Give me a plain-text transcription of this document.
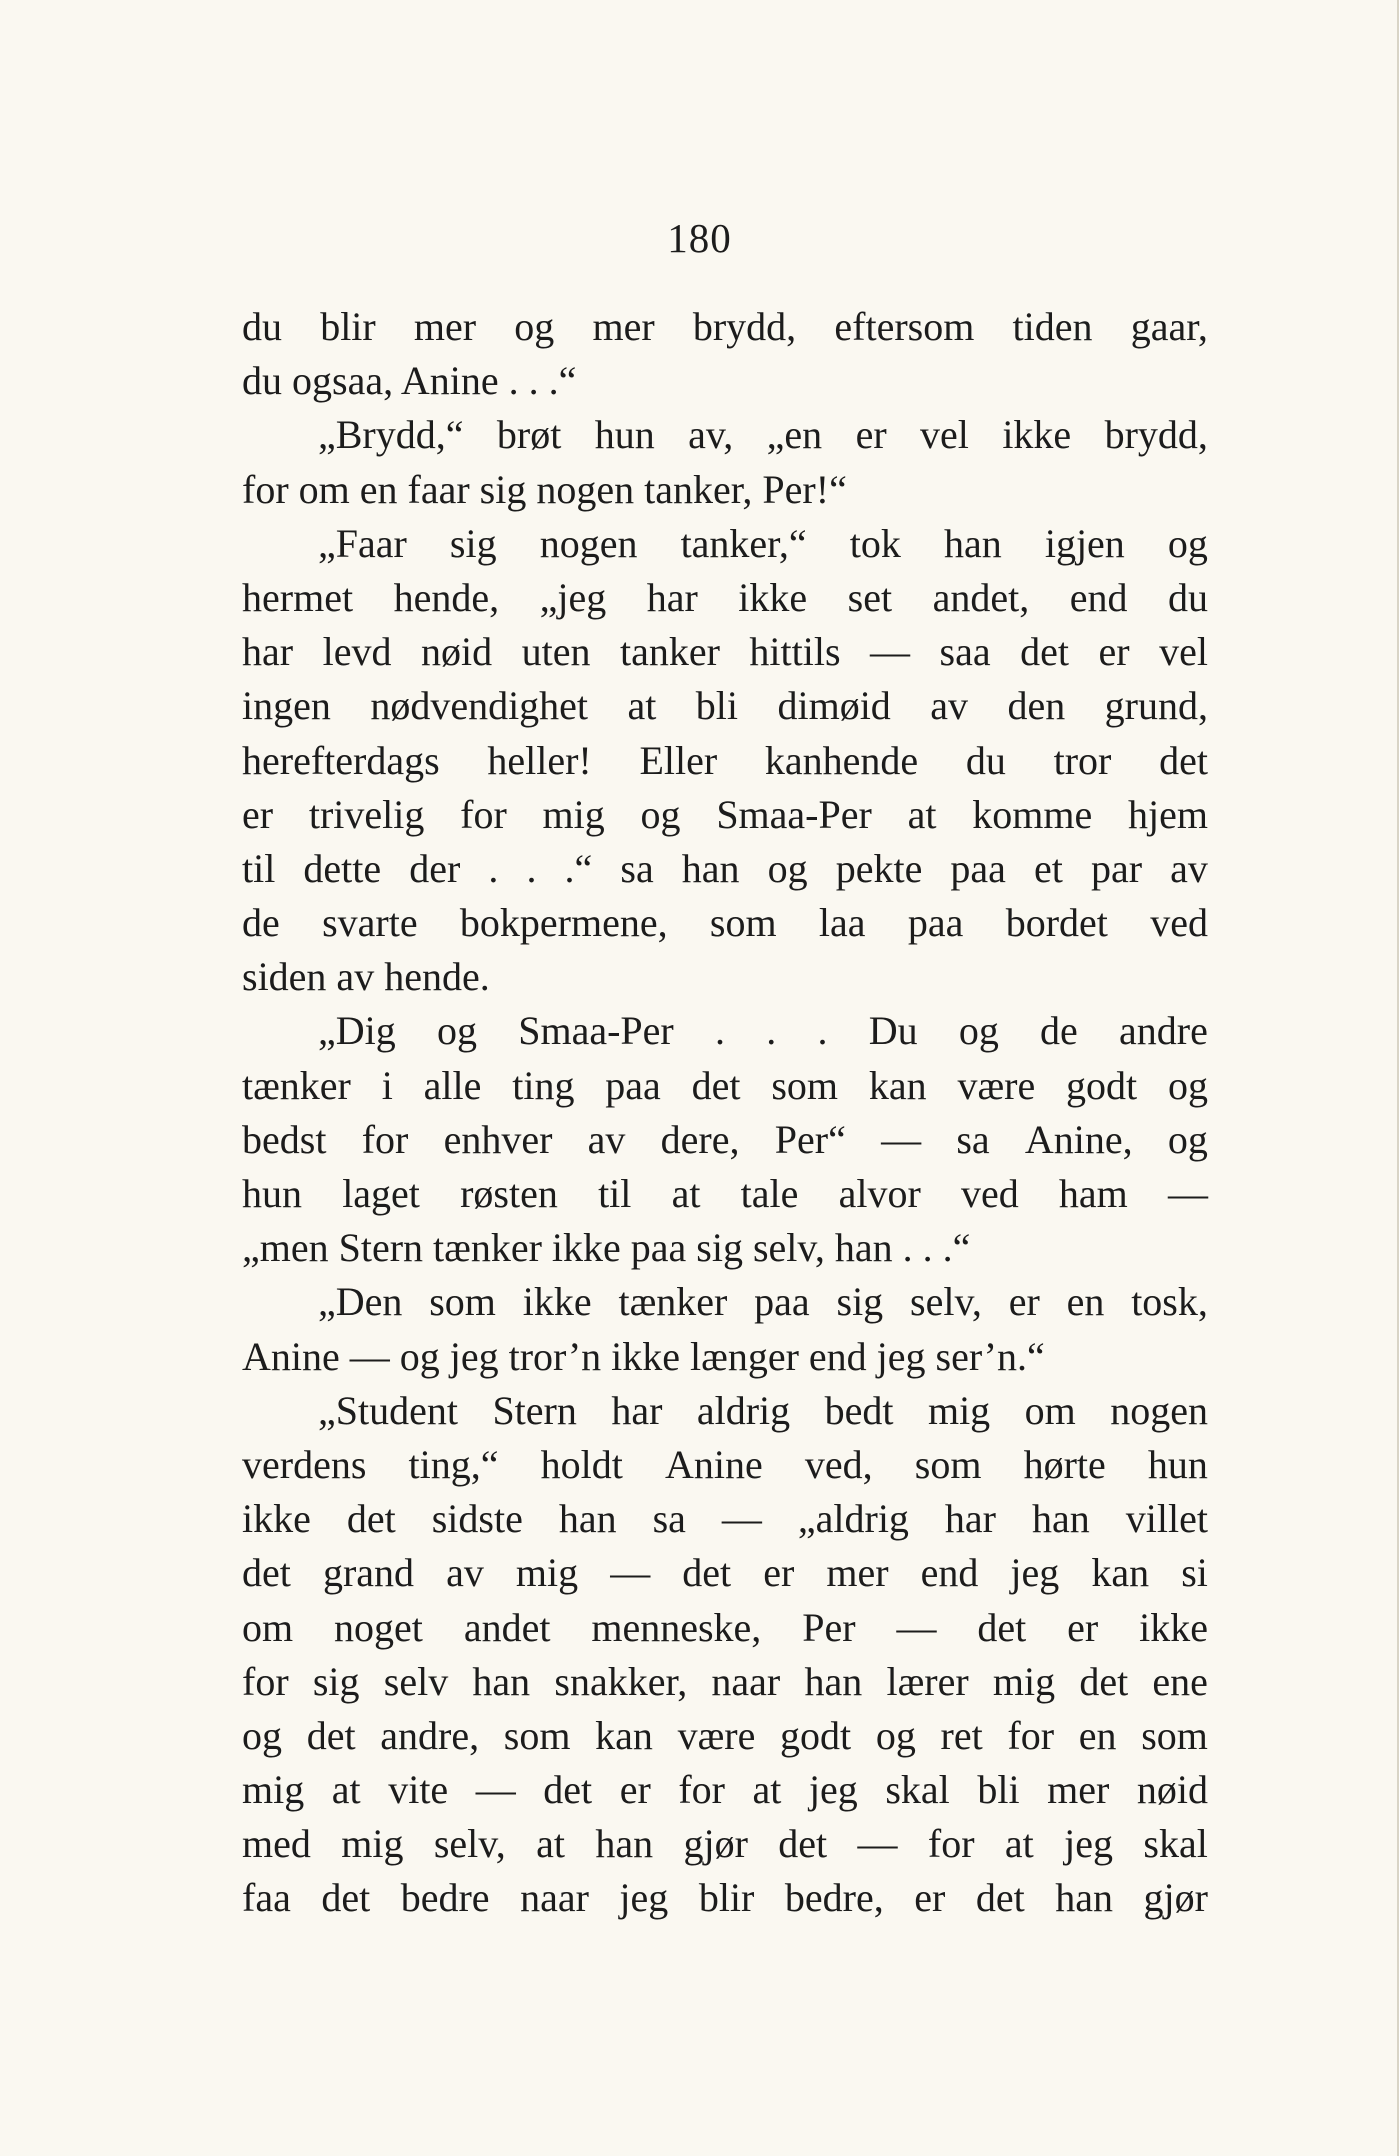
180
du blir mer og mer brydd, eftersom tiden gaar,
du ogsaa, Anine . . .“
„Brydd,“ brøt hun av, „en er vel ikke brydd,
for om en faar sig nogen tanker, Per!“
„Faar sig nogen tanker,“ tok han igjen og
hermet hende, „jeg har ikke set andet, end du
har levd nøid uten tanker hittils — saa det er vel
ingen nødvendighet at bli dimøid av den grund,
herefterdags heller! Eller kanhende du tror det
er trivelig for mig og Smaa-Per at komme hjem
til dette der . . .“ sa han og pekte paa et par av
de svarte bokpermene, som laa paa bordet ved
siden av hende.
„Dig og Smaa-Per . . . Du og de andre
tænker i alle ting paa det som kan være godt og
bedst for enhver av dere, Per“ — sa Anine, og
hun laget røsten til at tale alvor ved ham —
„men Stern tænker ikke paa sig selv, han . . .“
„Den som ikke tænker paa sig selv, er en tosk,
Anine — og jeg tror’n ikke længer end jeg ser’n.“
„Student Stern har aldrig bedt mig om nogen
verdens ting,“ holdt Anine ved, som hørte hun
ikke det sidste han sa — „aldrig har han villet
det grand av mig — det er mer end jeg kan si
om noget andet menneske, Per — det er ikke
for sig selv han snakker, naar han lærer mig det ene
og det andre, som kan være godt og ret for en som
mig at vite — det er for at jeg skal bli mer nøid
med mig selv, at han gjør det — for at jeg skal
faa det bedre naar jeg blir bedre, er det han gjør
